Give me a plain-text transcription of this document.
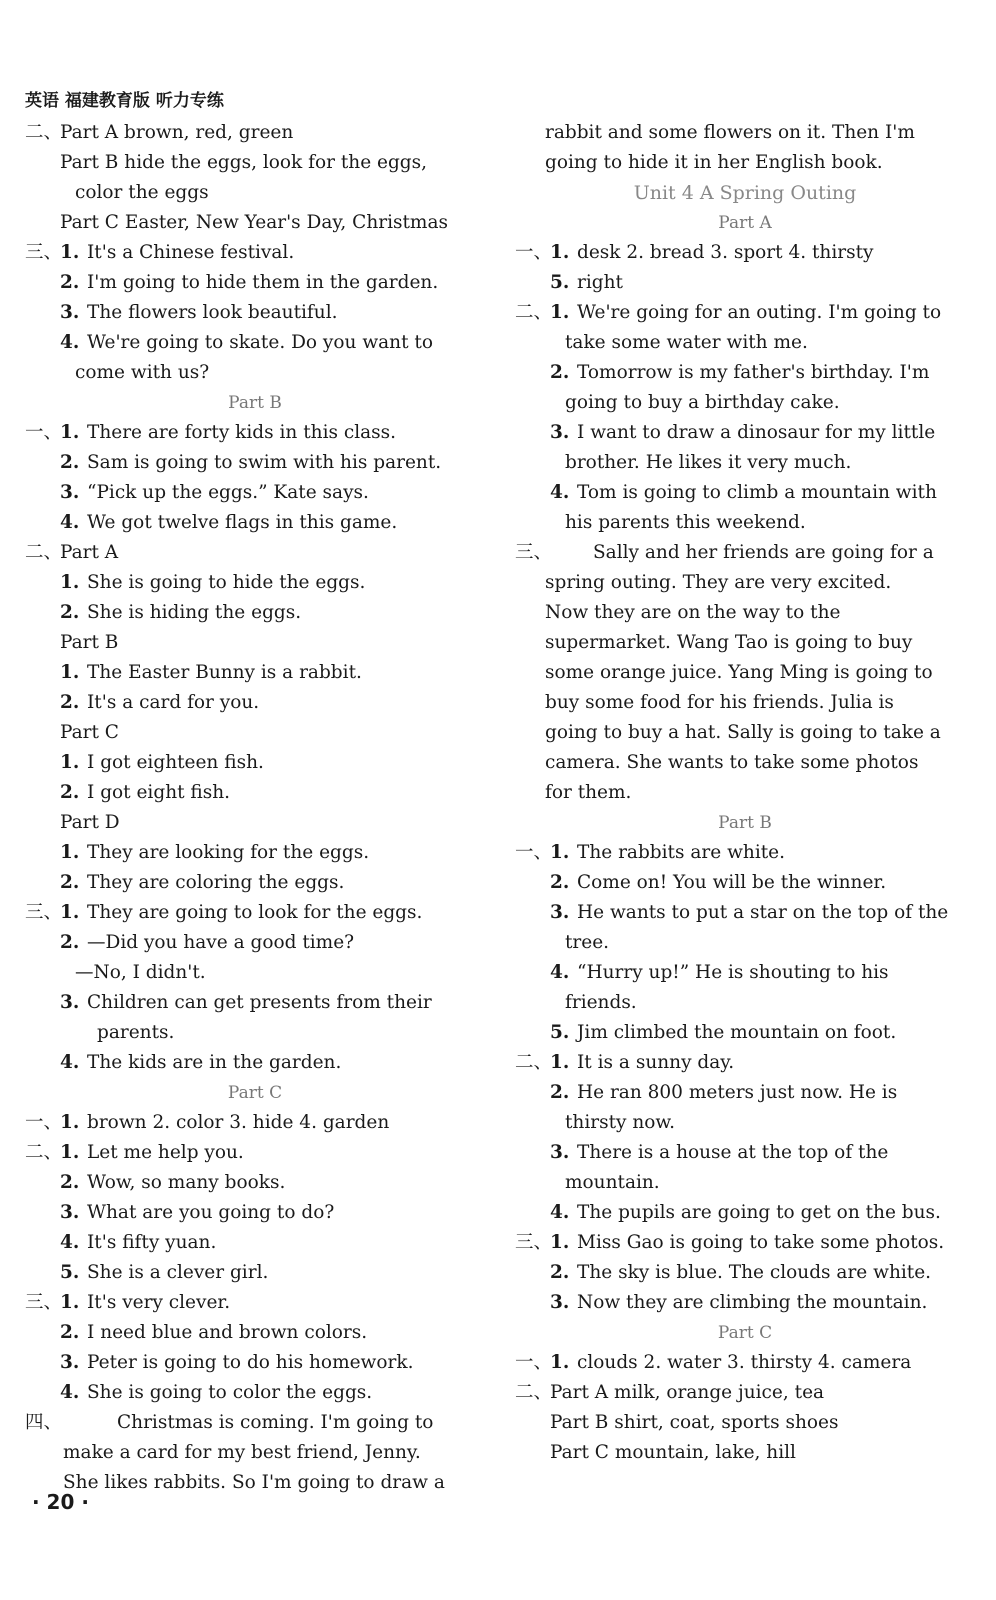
英语 福建教育版 听力专练
二、
Part A brown, red, green
Part B hide the eggs, look for the eggs,
color the eggs
Part C Easter, New Year's Day, Christmas
三、
1. It's a Chinese festival.
2. I'm going to hide them in the garden.
3. The flowers look beautiful.
4. We're going to skate. Do you want to
come with us?
Part B
一、
1. There are forty kids in this class.
2. Sam is going to swim with his parent.
3. “Pick up the eggs.” Kate says.
4. We got twelve flags in this game.
二、
Part A
1. She is going to hide the eggs.
2. She is hiding the eggs.
Part B
1. The Easter Bunny is a rabbit.
2. It's a card for you.
Part C
1. I got eighteen fish.
2. I got eight fish.
Part D
1. They are looking for the eggs.
2. They are coloring the eggs.
三、
1. They are going to look for the eggs.
2. —Did you have a good time?
—No, I didn't.
3. Children can get presents from their
parents.
4. The kids are in the garden.
Part C
一、
1. brown 2. color 3. hide 4. garden
二、
1. Let me help you.
2. Wow, so many books.
3. What are you going to do?
4. It's fifty yuan.
5. She is a clever girl.
三、
1. It's very clever.
2. I need blue and brown colors.
3. Peter is going to do his homework.
4. She is going to color the eggs.
四、	Christmas is coming. I'm going to
make a card for my best friend, Jenny.
She likes rabbits. So I'm going to draw a
rabbit and some flowers on it. Then I'm
going to hide it in her English book.
Unit 4 A Spring Outing
Part A
一、
1. desk 2. bread 3. sport 4. thirsty
5. right
二、
1. We're going for an outing. I'm going to
take some water with me.
2. Tomorrow is my father's birthday. I'm
going to buy a birthday cake.
3. I want to draw a dinosaur for my little
brother. He likes it very much.
4. Tom is going to climb a mountain with
his parents this weekend.
三、 Sally and her friends are going for a
spring outing. They are very excited.
Now they are on the way to the
supermarket. Wang Tao is going to buy
some orange juice. Yang Ming is going to
buy some food for his friends. Julia is
going to buy a hat. Sally is going to take a
camera. She wants to take some photos
for them.
Part B
一、
1. The rabbits are white.
2. Come on! You will be the winner.
3. He wants to put a star on the top of the
tree.
4. “Hurry up!” He is shouting to his
friends.
5. Jim climbed the mountain on foot.
二、
1. It is a sunny day.
2. He ran 800 meters just now. He is
thirsty now.
3. There is a house at the top of the
mountain.
4. The pupils are going to get on the bus.
三、
1. Miss Gao is going to take some photos.
2. The sky is blue. The clouds are white.
3. Now they are climbing the mountain.
Part C
一、
1. clouds 2. water 3. thirsty 4. camera
二、
Part A milk, orange juice, tea
Part B shirt, coat, sports shoes
Part C mountain, lake, hill
· 20 ·
